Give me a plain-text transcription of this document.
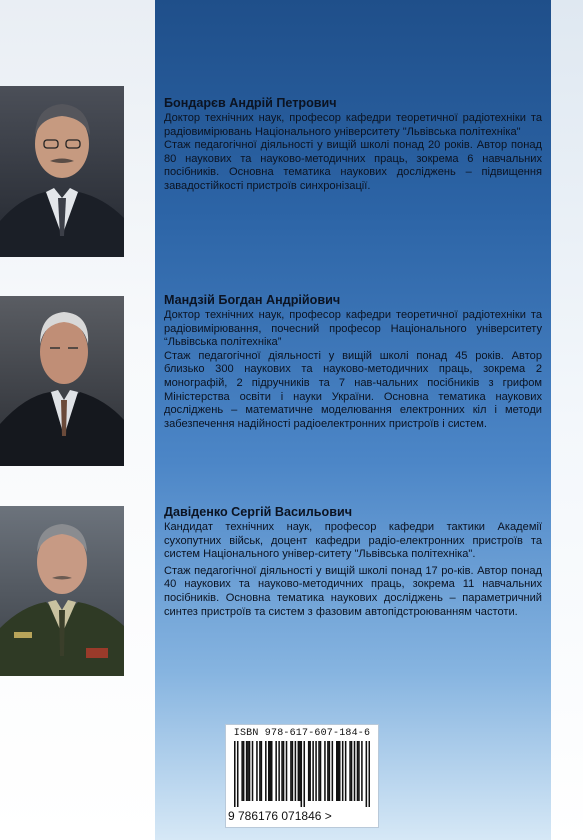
Бондарєв Андрій Петрович

Доктор технічних наук, професор кафедри теоретичної радіотехніки та радіовимірювань Національного університету "Львівська політехніка"

Стаж педагогічної діяльності у вищій школі понад 20 років. Автор понад 80 наукових та науково-методичних праць, зокрема 6 навчальних посібників. Основна тематика наукових досліджень – підвищення завадостійкості пристроїв синхронізації.

Мандзій Богдан Андрійович

Доктор технічних наук, професор кафедри теоретичної радіотехніки та радіовимірювання, почесний професор Національного університету “Львівська політехніка”

Стаж педагогічної діяльності у вищій школі понад 45 років. Автор близько 300 наукових та науково-методичних праць, зокрема 2 монографій, 2 підручників та 7 нав-чальних посібників з грифом Міністерства освіти і науки України. Основна тематика наукових досліджень – математичне моделювання електронних кіл і методи забезпечення надійності радіоелектронних пристроїв і систем.

Давіденко Сергій Васильович

Кандидат технічних наук, професор кафедри тактики Академії сухопутних військ, доцент кафедри радіо-електронних пристроїв та систем Національного універ-ситету "Львівська політехніка".

Стаж педагогічної діяльності у вищій школі понад 17 ро-ків. Автор понад 40 наукових та науково-методичних праць, зокрема 11 навчальних посібників. Основна тематика наукових досліджень – параметричний синтез пристроїв та систем з фазовим автопідстроюванням частоти.

ISBN 978-617-607-184-6
9 786176 071846 >
